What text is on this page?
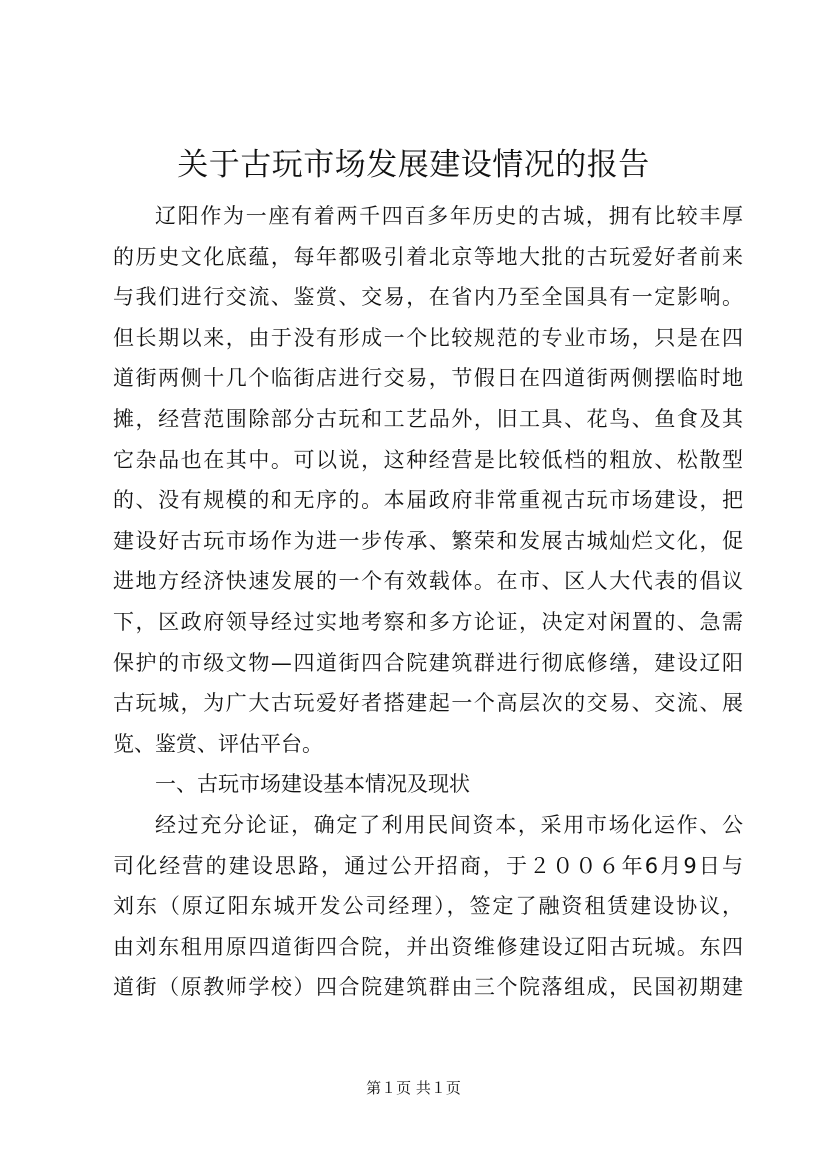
关于古玩市场发展建设情况的报告
辽阳作为一座有着两千四百多年历史的古城，拥有比较丰厚
的历史文化底蕴，每年都吸引着北京等地大批的古玩爱好者前来
与我们进行交流、鉴赏、交易，在省内乃至全国具有一定影响。
但长期以来，由于没有形成一个比较规范的专业市场，只是在四
道街两侧十几个临街店进行交易，节假日在四道街两侧摆临时地
摊，经营范围除部分古玩和工艺品外，旧工具、花鸟、鱼食及其
它杂品也在其中。可以说，这种经营是比较低档的粗放、松散型
的、没有规模的和无序的。本届政府非常重视古玩市场建设，把
建设好古玩市场作为进一步传承、繁荣和发展古城灿烂文化，促
进地方经济快速发展的一个有效载体。在市、区人大代表的倡议
下，区政府领导经过实地考察和多方论证，决定对闲置的、急需
保护的市级文物—四道街四合院建筑群进行彻底修缮，建设辽阳
古玩城，为广大古玩爱好者搭建起一个高层次的交易、交流、展
览、鉴赏、评估平台。
一、古玩市场建设基本情况及现状
经过充分论证，确定了利用民间资本，采用市场化运作、公
司化经营的建设思路，通过公开招商，于２００６年6月9日与
刘东（原辽阳东城开发公司经理），签定了融资租赁建设协议，
由刘东租用原四道街四合院，并出资维修建设辽阳古玩城。东四
道街（原教师学校）四合院建筑群由三个院落组成，民国初期建
第１页 共１页
